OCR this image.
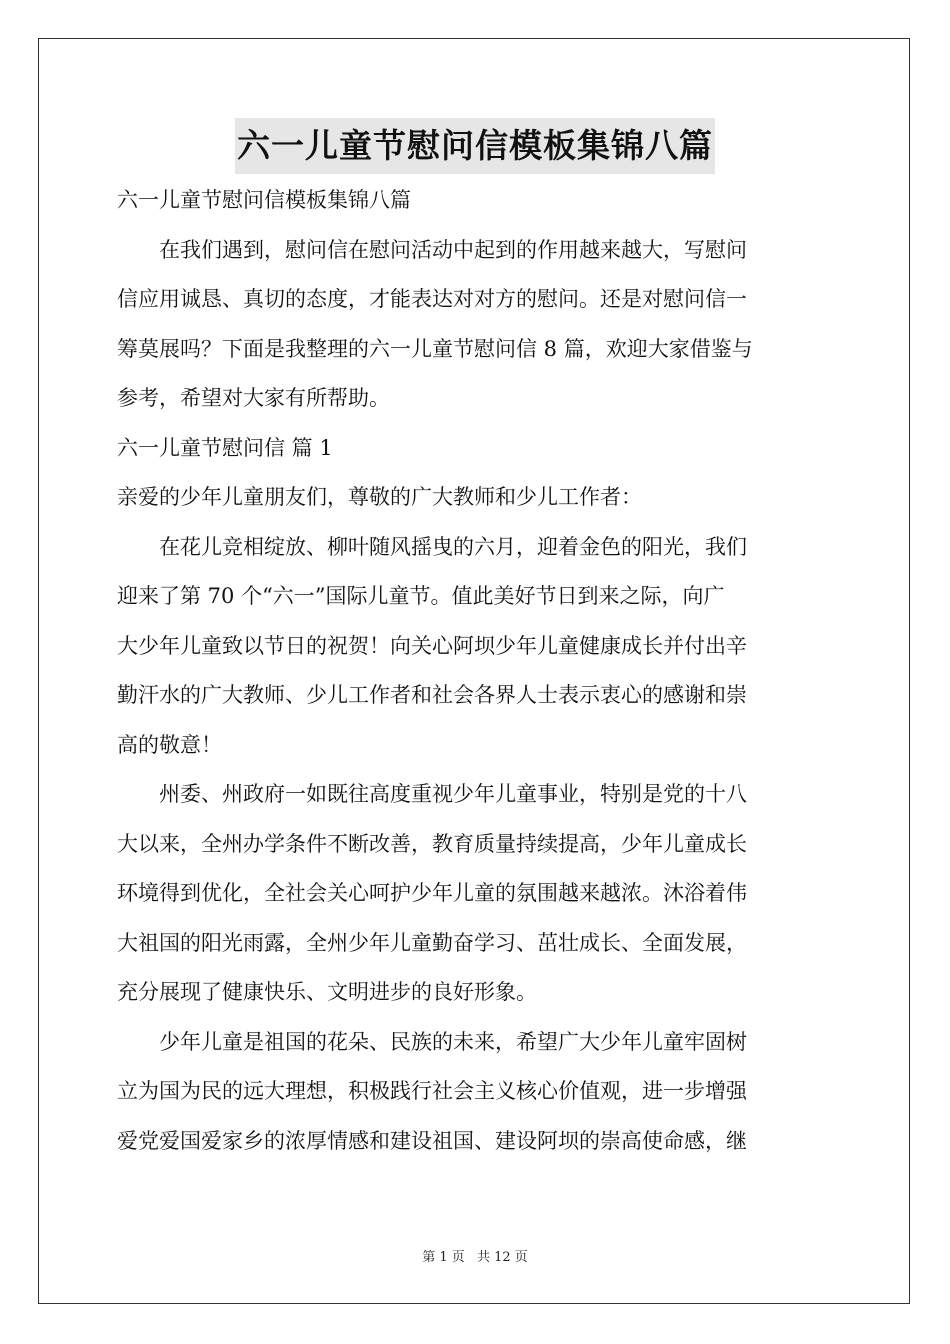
六一儿童节慰问信模板集锦八篇
六一儿童节慰问信模板集锦八篇
　　在我们遇到，慰问信在慰问活动中起到的作用越来越大，写慰问
信应用诚恳、真切的态度，才能表达对对方的慰问。还是对慰问信一
筹莫展吗？下面是我整理的六一儿童节慰问信 8 篇，欢迎大家借鉴与
参考，希望对大家有所帮助。
六一儿童节慰问信 篇 1
亲爱的少年儿童朋友们，尊敬的广大教师和少儿工作者：
　　在花儿竞相绽放、柳叶随风摇曳的六月，迎着金色的阳光，我们
迎来了第 70 个“六一”国际儿童节。值此美好节日到来之际，向广
大少年儿童致以节日的祝贺！向关心阿坝少年儿童健康成长并付出辛
勤汗水的广大教师、少儿工作者和社会各界人士表示衷心的感谢和崇
高的敬意！
　　州委、州政府一如既往高度重视少年儿童事业，特别是党的十八
大以来，全州办学条件不断改善，教育质量持续提高，少年儿童成长
环境得到优化，全社会关心呵护少年儿童的氛围越来越浓。沐浴着伟
大祖国的阳光雨露，全州少年儿童勤奋学习、茁壮成长、全面发展，
充分展现了健康快乐、文明进步的良好形象。
　　少年儿童是祖国的花朵、民族的未来，希望广大少年儿童牢固树
立为国为民的远大理想，积极践行社会主义核心价值观，进一步增强
爱党爱国爱家乡的浓厚情感和建设祖国、建设阿坝的崇高使命感，继
第 1 页 共 12 页
